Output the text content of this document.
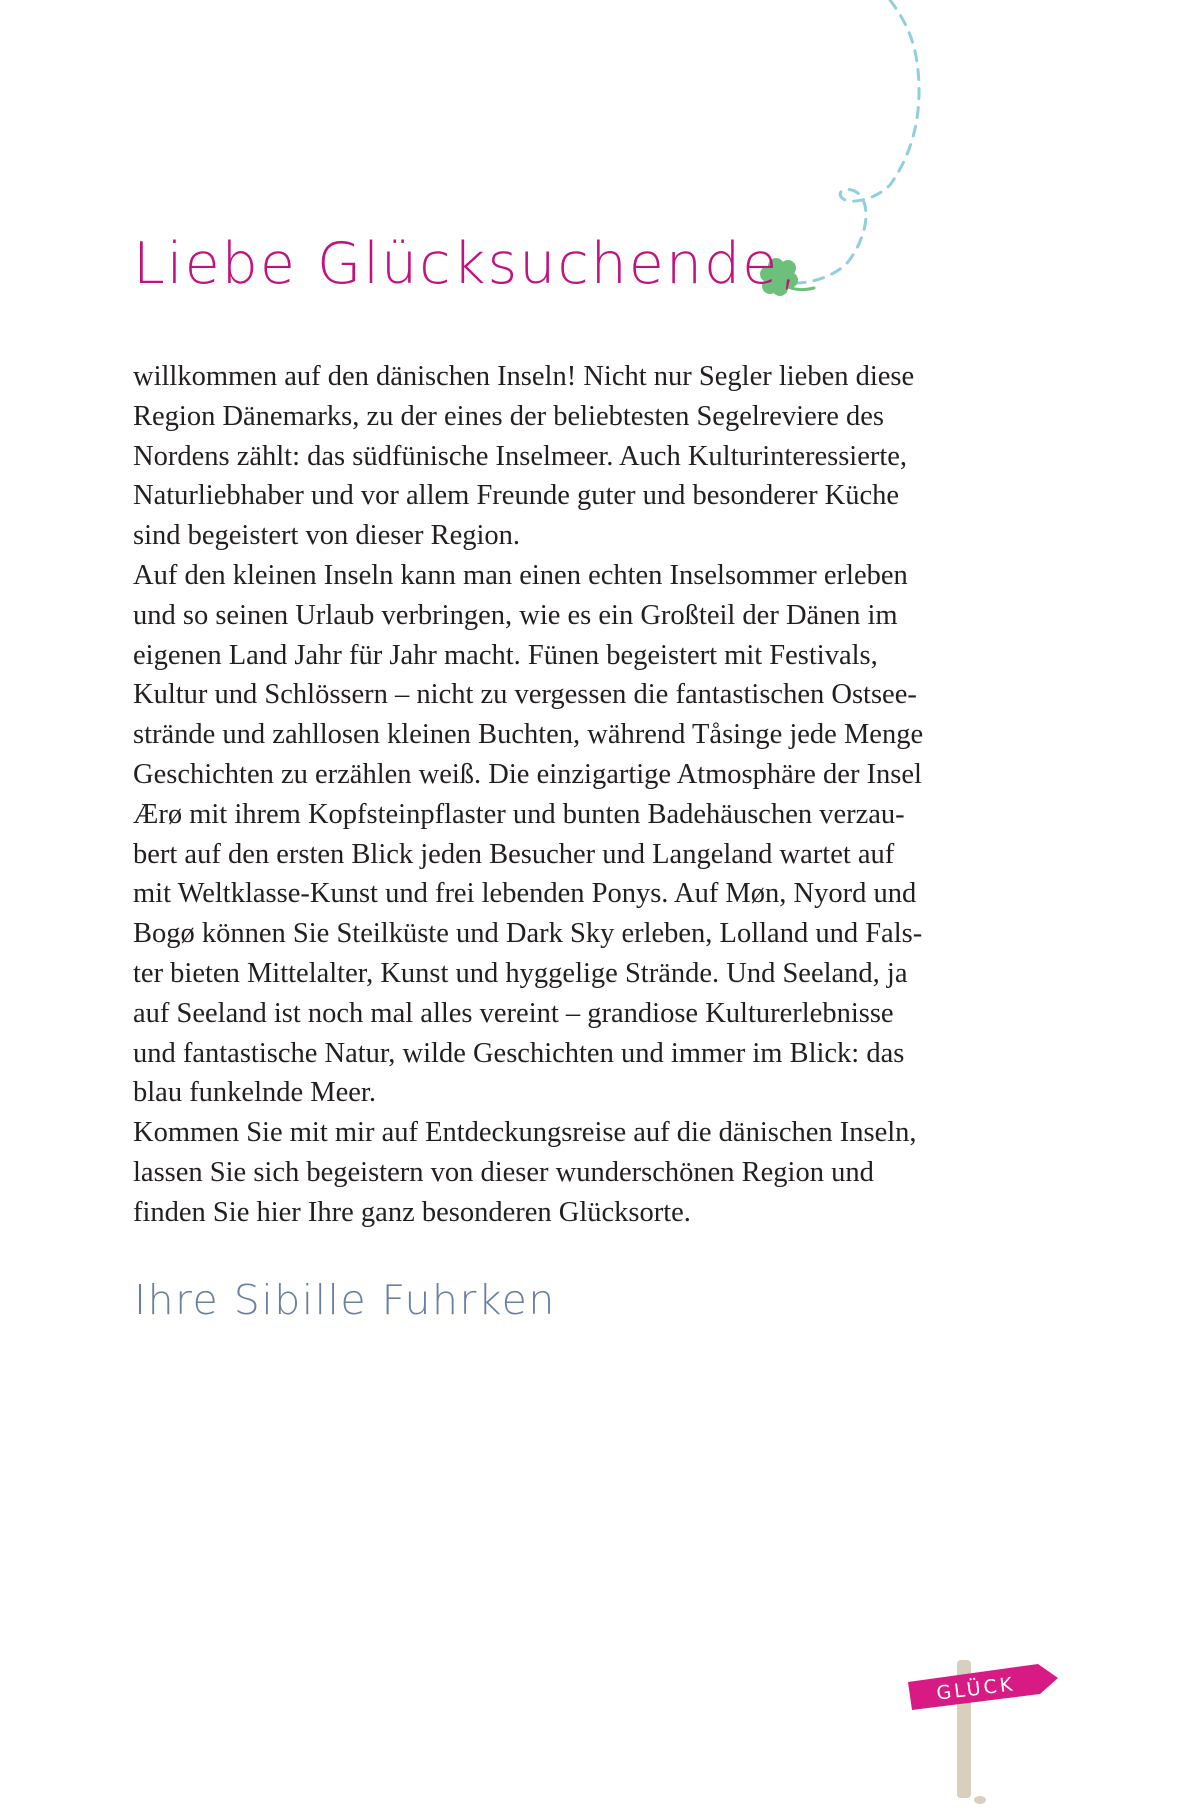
Liebe Glücksuchende,

willkommen auf den dänischen Inseln! Nicht nur Segler lieben diese
Region Dänemarks, zu der eines der beliebtesten Segelreviere des
Nordens zählt: das südfünische Inselmeer. Auch Kulturinteressierte,
Naturliebhaber und vor allem Freunde guter und besonderer Küche
sind begeistert von dieser Region.

Auf den kleinen Inseln kann man einen echten Inselsommer erleben
und so seinen Urlaub verbringen, wie es ein Großteil der Dänen im
eigenen Land Jahr für Jahr macht. Fünen begeistert mit Festivals,
Kultur und Schlössern – nicht zu vergessen die fantastischen Ostsee-
strände und zahllosen kleinen Buchten, während Tåsinge jede Menge
Geschichten zu erzählen weiß. Die einzigartige Atmosphäre der Insel
Ærø mit ihrem Kopfsteinpflaster und bunten Badehäuschen verzau-
bert auf den ersten Blick jeden Besucher und Langeland wartet auf
mit Weltklasse-Kunst und frei lebenden Ponys. Auf Møn, Nyord und
Bogø können Sie Steilküste und Dark Sky erleben, Lolland und Fals-
ter bieten Mittelalter, Kunst und hyggelige Strände. Und Seeland, ja
auf Seeland ist noch mal alles vereint – grandiose Kulturerlebnisse
und fantastische Natur, wilde Geschichten und immer im Blick: das
blau funkelnde Meer.

Kommen Sie mit mir auf Entdeckungsreise auf die dänischen Inseln,
lassen Sie sich begeistern von dieser wunderschönen Region und
finden Sie hier Ihre ganz besonderen Glücksorte.

Ihre Sibille Fuhrken

GLÜCK
